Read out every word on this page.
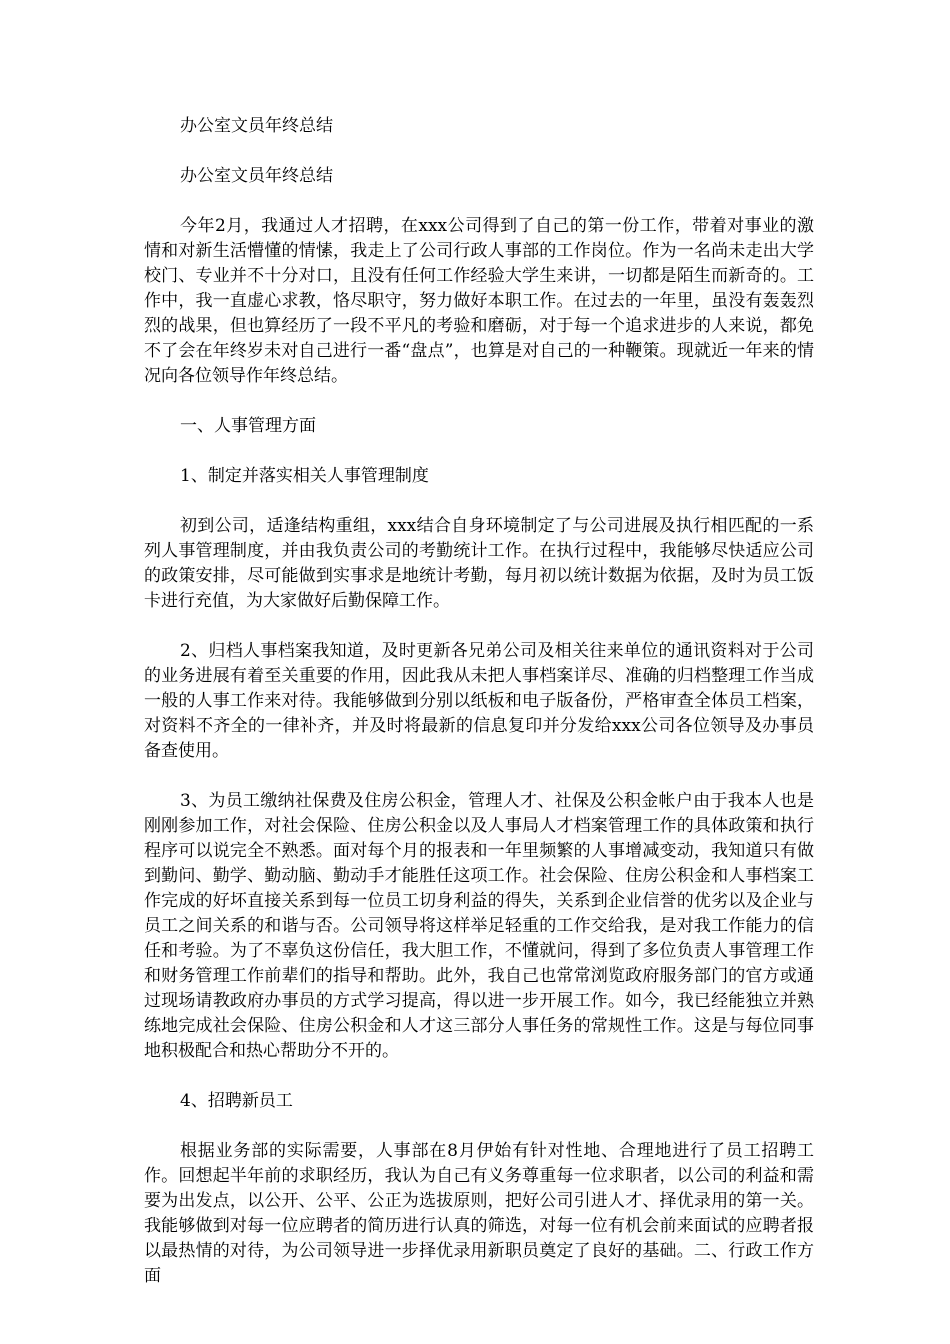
办公室文员年终总结

办公室文员年终总结

今年2月，我通过人才招聘，在xxx公司得到了自己的第一份工作，带着对事业的激情和对新生活懵懂的情愫，我走上了公司行政人事部的工作岗位。作为一名尚未走出大学校门、专业并不十分对口，且没有任何工作经验大学生来讲，一切都是陌生而新奇的。工作中，我一直虚心求教，恪尽职守，努力做好本职工作。在过去的一年里，虽没有轰轰烈烈的战果，但也算经历了一段不平凡的考验和磨砺，对于每一个追求进步的人来说，都免不了会在年终岁未对自己进行一番“盘点”，也算是对自己的一种鞭策。现就近一年来的情况向各位领导作年终总结。

一、人事管理方面

1、制定并落实相关人事管理制度

初到公司，适逢结构重组，xxx结合自身环境制定了与公司进展及执行相匹配的一系列人事管理制度，并由我负责公司的考勤统计工作。在执行过程中，我能够尽快适应公司的政策安排，尽可能做到实事求是地统计考勤，每月初以统计数据为依据，及时为员工饭卡进行充值，为大家做好后勤保障工作。

2、归档人事档案我知道，及时更新各兄弟公司及相关往来单位的通讯资料对于公司的业务进展有着至关重要的作用，因此我从未把人事档案详尽、准确的归档整理工作当成一般的人事工作来对待。我能够做到分别以纸板和电子版备份，严格审查全体员工档案，对资料不齐全的一律补齐，并及时将最新的信息复印并分发给xxx公司各位领导及办事员备查使用。

3、为员工缴纳社保费及住房公积金，管理人才、社保及公积金帐户由于我本人也是刚刚参加工作，对社会保险、住房公积金以及人事局人才档案管理工作的具体政策和执行程序可以说完全不熟悉。面对每个月的报表和一年里频繁的人事增减变动，我知道只有做到勤问、勤学、勤动脑、勤动手才能胜任这项工作。社会保险、住房公积金和人事档案工作完成的好坏直接关系到每一位员工切身利益的得失，关系到企业信誉的优劣以及企业与员工之间关系的和谐与否。公司领导将这样举足轻重的工作交给我，是对我工作能力的信任和考验。为了不辜负这份信任，我大胆工作，不懂就问，得到了多位负责人事管理工作和财务管理工作前辈们的指导和帮助。此外，我自己也常常浏览政府服务部门的官方或通过现场请教政府办事员的方式学习提高，得以进一步开展工作。如今，我已经能独立并熟练地完成社会保险、住房公积金和人才这三部分人事任务的常规性工作。这是与每位同事地积极配合和热心帮助分不开的。

4、招聘新员工

根据业务部的实际需要，人事部在8月伊始有针对性地、合理地进行了员工招聘工作。回想起半年前的求职经历，我认为自己有义务尊重每一位求职者，以公司的利益和需要为出发点，以公开、公平、公正为选拔原则，把好公司引进人才、择优录用的第一关。我能够做到对每一位应聘者的简历进行认真的筛选，对每一位有机会前来面试的应聘者报以最热情的对待，为公司领导进一步择优录用新职员奠定了良好的基础。二、行政工作方面
